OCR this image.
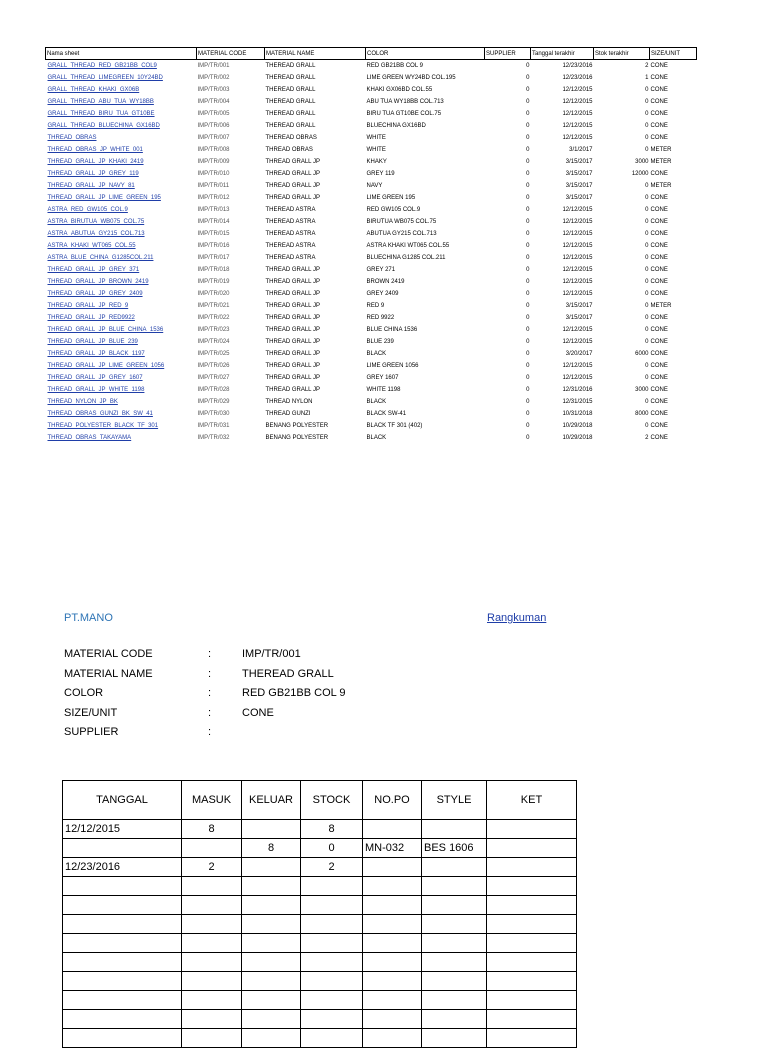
Nama sheet	MATERIAL CODE	MATERIAL NAME	COLOR	SUPPLIER	Tanggal terakhir	Stok terakhir	SIZE/UNIT
GRALL_THREAD_RED_GB21BB_COL9	IMP/TR/001	THEREAD GRALL	RED GB21BB COL 9	0	12/23/2016	2	CONE
GRALL_THREAD_LIMEGREEN_10Y24BD	IMP/TR/002	THEREAD GRALL	LIME GREEN WY24BD COL.195	0	12/23/2016	1	CONE
GRALL_THREAD_KHAKI_GX06B	IMP/TR/003	THEREAD GRALL	KHAKI GX06BD COL.55	0	12/12/2015	0	CONE
GRALL_THREAD_ABU_TUA_WY18BB	IMP/TR/004	THEREAD GRALL	ABU TUA WY18BB COL.713	0	12/12/2015	0	CONE
GRALL_THREAD_BIRU_TUA_GT10BE	IMP/TR/005	THEREAD GRALL	BIRU TUA GT10BE COL.75	0	12/12/2015	0	CONE
GRALL_THREAD_BLUECHINA_GX16BD	IMP/TR/006	THEREAD GRALL	BLUECHINA GX16BD	0	12/12/2015	0	CONE
THREAD_OBRAS	IMP/TR/007	THEREAD OBRAS	WHITE	0	12/12/2015	0	CONE
THREAD_OBRAS_JP_WHITE_001	IMP/TR/008	THREAD OBRAS	WHITE	0	3/1/2017	0	METER
THREAD_GRALL_JP_KHAKI_2419	IMP/TR/009	THREAD GRALL JP	KHAKY	0	3/15/2017	3000	METER
THREAD_GRALL_JP_GREY_119	IMP/TR/010	THREAD GRALL JP	GREY 119	0	3/15/2017	12000	CONE
THREAD_GRALL_JP_NAVY_81	IMP/TR/011	THREAD GRALL JP	NAVY	0	3/15/2017	0	METER
THREAD_GRALL_JP_LIME_GREEN_195	IMP/TR/012	THREAD GRALL JP	LIME GREEN 195	0	3/15/2017	0	CONE
ASTRA_RED_GW105_COL.9	IMP/TR/013	THEREAD ASTRA	RED GW105 COL.9	0	12/12/2015	0	CONE
ASTRA_BIRUTUA_WB075_COL.75	IMP/TR/014	THEREAD ASTRA	BIRUTUA WB075 COL.75	0	12/12/2015	0	CONE
ASTRA_ABUTUA_GY215_COL.713	IMP/TR/015	THEREAD ASTRA	ABUTUA GY215 COL.713	0	12/12/2015	0	CONE
ASTRA_KHAKI_WT065_COL.55	IMP/TR/016	THEREAD ASTRA	ASTRA KHAKI WT065 COL.55	0	12/12/2015	0	CONE
ASTRA_BLUE_CHINA_G1285COL.211	IMP/TR/017	THEREAD ASTRA	BLUECHINA G1285 COL.211	0	12/12/2015	0	CONE
THREAD_GRALL_JP_GREY_371	IMP/TR/018	THREAD GRALL JP	GREY 271	0	12/12/2015	0	CONE
THREAD_GRALL_JP_BROWN_2419	IMP/TR/019	THREAD GRALL JP	BROWN 2419	0	12/12/2015	0	CONE
THREAD_GRALL_JP_GREY_2409	IMP/TR/020	THREAD GRALL JP	GREY 2409	0	12/12/2015	0	CONE
THREAD_GRALL_JP_RED_9	IMP/TR/021	THREAD GRALL JP	RED 9	0	3/15/2017	0	METER
THREAD_GRALL_JP_RED9922	IMP/TR/022	THREAD GRALL JP	RED 9922	0	3/15/2017	0	CONE
THREAD_GRALL_JP_BLUE_CHINA_1536	IMP/TR/023	THREAD GRALL JP	BLUE CHINA 1536	0	12/12/2015	0	CONE
THREAD_GRALL_JP_BLUE_239	IMP/TR/024	THREAD GRALL JP	BLUE 239	0	12/12/2015	0	CONE
THREAD_GRALL_JP_BLACK_1197	IMP/TR/025	THREAD GRALL JP	BLACK	0	3/20/2017	6000	CONE
THREAD_GRALL_JP_LIME_GREEN_1056	IMP/TR/026	THREAD GRALL JP	LIME GREEN 1056	0	12/12/2015	0	CONE
THREAD_GRALL_JP_GREY_1607	IMP/TR/027	THREAD GRALL JP	GREY 1607	0	12/12/2015	0	CONE
THREAD_GRALL_JP_WHITE_1198	IMP/TR/028	THREAD GRALL JP	WHITE 1198	0	12/31/2016	3000	CONE
THREAD_NYLON_JP_BK	IMP/TR/029	THREAD NYLON	BLACK	0	12/31/2015	0	CONE
THREAD_OBRAS_GUNZI_BK_SW_41	IMP/TR/030	THREAD GUNZI	BLACK SW-41	0	10/31/2018	8000	CONE
THREAD_POLYESTER_BLACK_TF_301	IMP/TR/031	BENANG POLYESTER	BLACK TF 301 (402)	0	10/29/2018	0	CONE
THREAD_OBRAS_TAKAYAMA	IMP/TR/032	BENANG POLYESTER	BLACK	0	10/29/2018	2	CONE
PT.MANO	Rangkuman
MATERIAL CODE	:	IMP/TR/001
MATERIAL NAME	:	THEREAD GRALL
COLOR	:	RED GB21BB COL 9
SIZE/UNIT	:	CONE
SUPPLIER	:
TANGGAL	MASUK	KELUAR	STOCK	NO.PO	STYLE	KET
12/12/2015	8		8			
		8	0	MN-032	BES 1606	
12/23/2016	2		2			
